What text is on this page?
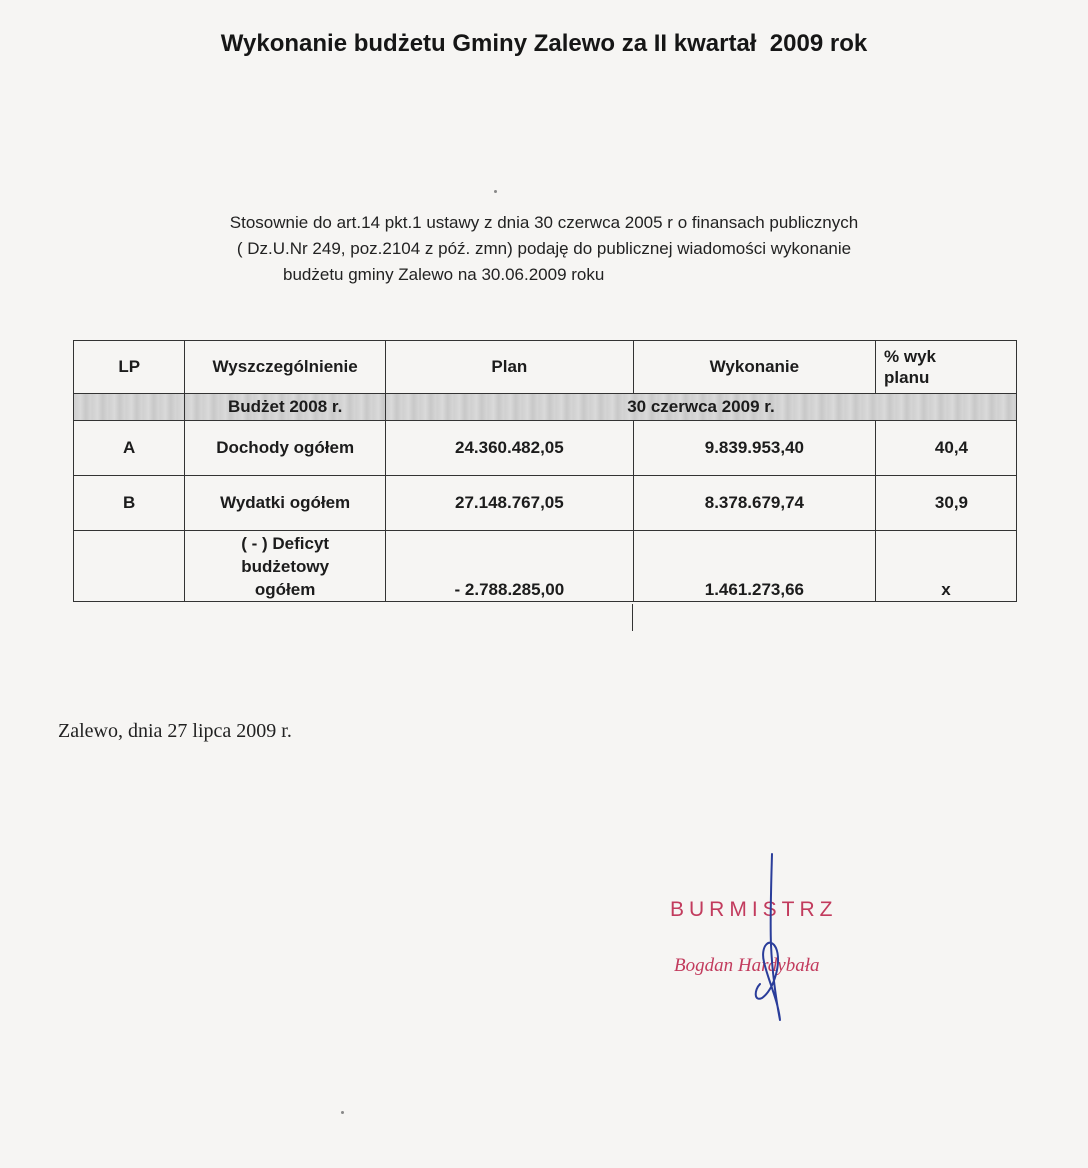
Wykonanie budżetu Gminy Zalewo za II kwartał  2009 rok
Stosownie do art.14 pkt.1 ustawy z dnia 30 czerwca 2005 r o finansach publicznych
( Dz.U.Nr 249, poz.2104 z póź. zmn) podaję do publicznej wiadomości wykonanie
budżetu gminy Zalewo na 30.06.2009 roku
LP	Wyszczególnienie	Plan	Wykonanie	% wyk
planu

	Budżet 2008 r.	30 czerwca 2009 r.		
A	Dochody ogółem	24.360.482,05	9.839.953,40	40,4
B	Wydatki ogółem	27.148.767,05	8.378.679,74	30,9

	( - ) Deficyt
budżetowy
ogółem	- 2.788.285,00	1.461.273,66	x
Zalewo, dnia 27 lipca 2009 r.
BURMISTRZ
Bogdan Hardybała
